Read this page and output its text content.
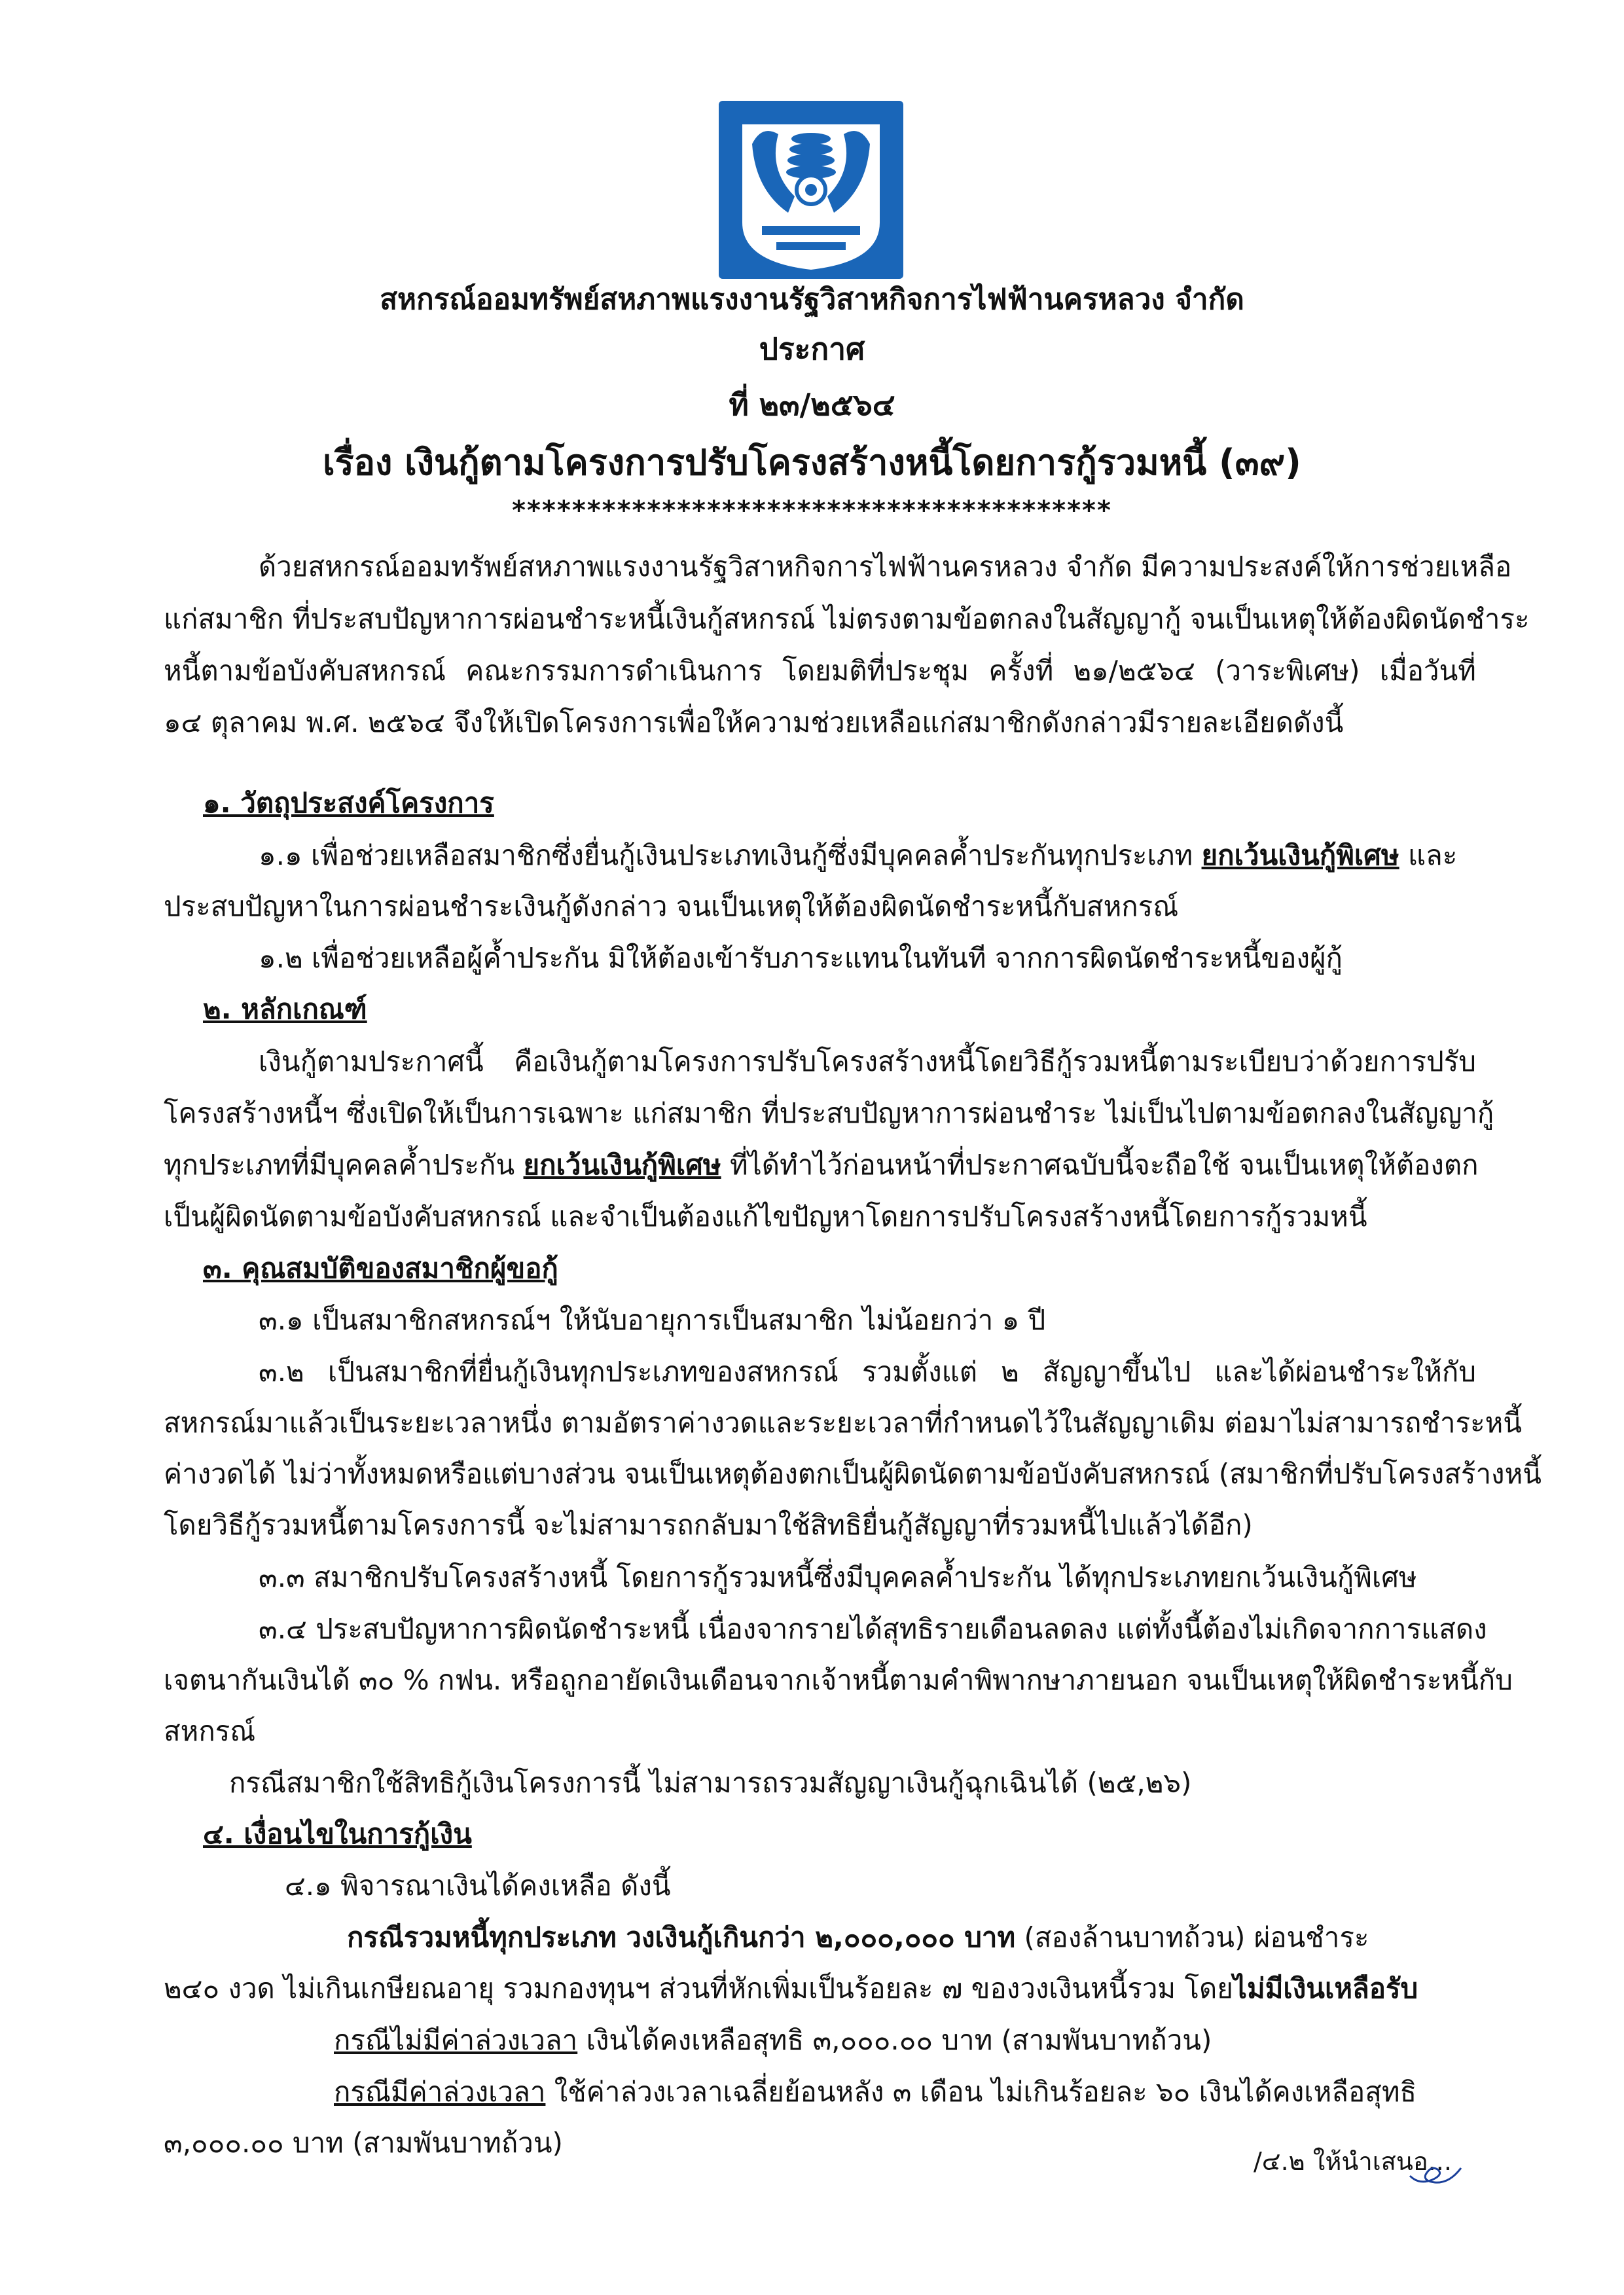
สหกรณ์ออมทรัพย์สหภาพแรงงานรัฐวิสาหกิจการไฟฟ้านครหลวง จำกัด
ประกาศ
ที่ ๒๓/๒๕๖๔
เรื่อง เงินกู้ตามโครงการปรับโครงสร้างหนี้โดยการกู้รวมหนี้ (๓๙)
****************************************
ด้วยสหกรณ์ออมทรัพย์สหภาพแรงงานรัฐวิสาหกิจการไฟฟ้านครหลวง จำกัด มีความประสงค์ให้การช่วยเหลือ
แก่สมาชิก ที่ประสบปัญหาการผ่อนชำระหนี้เงินกู้สหกรณ์ ไม่ตรงตามข้อตกลงในสัญญากู้ จนเป็นเหตุให้ต้องผิดนัดชำระ
หนี้ตามข้อบังคับสหกรณ์ คณะกรรมการดำเนินการ โดยมติที่ประชุม ครั้งที่ ๒๑/๒๕๖๔ (วาระพิเศษ) เมื่อวันที่
๑๔ ตุลาคม พ.ศ. ๒๕๖๔ จึงให้เปิดโครงการเพื่อให้ความช่วยเหลือแก่สมาชิกดังกล่าวมีรายละเอียดดังนี้
๑. วัตถุประสงค์โครงการ
๑.๑ เพื่อช่วยเหลือสมาชิกซึ่งยื่นกู้เงินประเภทเงินกู้ซึ่งมีบุคคลค้ำประกันทุกประเภท ยกเว้นเงินกู้พิเศษ และ
ประสบปัญหาในการผ่อนชำระเงินกู้ดังกล่าว จนเป็นเหตุให้ต้องผิดนัดชำระหนี้กับสหกรณ์
๑.๒ เพื่อช่วยเหลือผู้ค้ำประกัน มิให้ต้องเข้ารับภาระแทนในทันที จากการผิดนัดชำระหนี้ของผู้กู้
๒. หลักเกณฑ์
เงินกู้ตามประกาศนี้ คือเงินกู้ตามโครงการปรับโครงสร้างหนี้โดยวิธีกู้รวมหนี้ตามระเบียบว่าด้วยการปรับ
โครงสร้างหนี้ฯ ซึ่งเปิดให้เป็นการเฉพาะ แก่สมาชิก ที่ประสบปัญหาการผ่อนชำระ ไม่เป็นไปตามข้อตกลงในสัญญากู้
ทุกประเภทที่มีบุคคลค้ำประกัน ยกเว้นเงินกู้พิเศษ ที่ได้ทำไว้ก่อนหน้าที่ประกาศฉบับนี้จะถือใช้ จนเป็นเหตุให้ต้องตก
เป็นผู้ผิดนัดตามข้อบังคับสหกรณ์ และจำเป็นต้องแก้ไขปัญหาโดยการปรับโครงสร้างหนี้โดยการกู้รวมหนี้
๓. คุณสมบัติของสมาชิกผู้ขอกู้
๓.๑ เป็นสมาชิกสหกรณ์ฯ ให้นับอายุการเป็นสมาชิก ไม่น้อยกว่า ๑ ปี
๓.๒ เป็นสมาชิกที่ยื่นกู้เงินทุกประเภทของสหกรณ์ รวมตั้งแต่ ๒ สัญญาขึ้นไป และได้ผ่อนชำระให้กับ
สหกรณ์มาแล้วเป็นระยะเวลาหนึ่ง ตามอัตราค่างวดและระยะเวลาที่กำหนดไว้ในสัญญาเดิม ต่อมาไม่สามารถชำระหนี้
ค่างวดได้ ไม่ว่าทั้งหมดหรือแต่บางส่วน จนเป็นเหตุต้องตกเป็นผู้ผิดนัดตามข้อบังคับสหกรณ์ (สมาชิกที่ปรับโครงสร้างหนี้
โดยวิธีกู้รวมหนี้ตามโครงการนี้ จะไม่สามารถกลับมาใช้สิทธิยื่นกู้สัญญาที่รวมหนี้ไปแล้วได้อีก)
๓.๓ สมาชิกปรับโครงสร้างหนี้ โดยการกู้รวมหนี้ซึ่งมีบุคคลค้ำประกัน ได้ทุกประเภทยกเว้นเงินกู้พิเศษ
๓.๔ ประสบปัญหาการผิดนัดชำระหนี้ เนื่องจากรายได้สุทธิรายเดือนลดลง แต่ทั้งนี้ต้องไม่เกิดจากการแสดง
เจตนากันเงินได้ ๓๐ % กฟน. หรือถูกอายัดเงินเดือนจากเจ้าหนี้ตามคำพิพากษาภายนอก จนเป็นเหตุให้ผิดชำระหนี้กับ
สหกรณ์
กรณีสมาชิกใช้สิทธิกู้เงินโครงการนี้ ไม่สามารถรวมสัญญาเงินกู้ฉุกเฉินได้ (๒๕,๒๖)
๔. เงื่อนไขในการกู้เงิน
๔.๑ พิจารณาเงินได้คงเหลือ ดังนี้
กรณีรวมหนี้ทุกประเภท วงเงินกู้เกินกว่า ๒,๐๐๐,๐๐๐ บาท (สองล้านบาทถ้วน) ผ่อนชำระ
๒๔๐ งวด ไม่เกินเกษียณอายุ รวมกองทุนฯ ส่วนที่หักเพิ่มเป็นร้อยละ ๗ ของวงเงินหนี้รวม โดยไม่มีเงินเหลือรับ
กรณีไม่มีค่าล่วงเวลา เงินได้คงเหลือสุทธิ ๓,๐๐๐.๐๐ บาท (สามพันบาทถ้วน)
กรณีมีค่าล่วงเวลา ใช้ค่าล่วงเวลาเฉลี่ยย้อนหลัง ๓ เดือน ไม่เกินร้อยละ ๖๐ เงินได้คงเหลือสุทธิ
๓,๐๐๐.๐๐ บาท (สามพันบาทถ้วน)
/๔.๒ ให้นำเสนอ...
